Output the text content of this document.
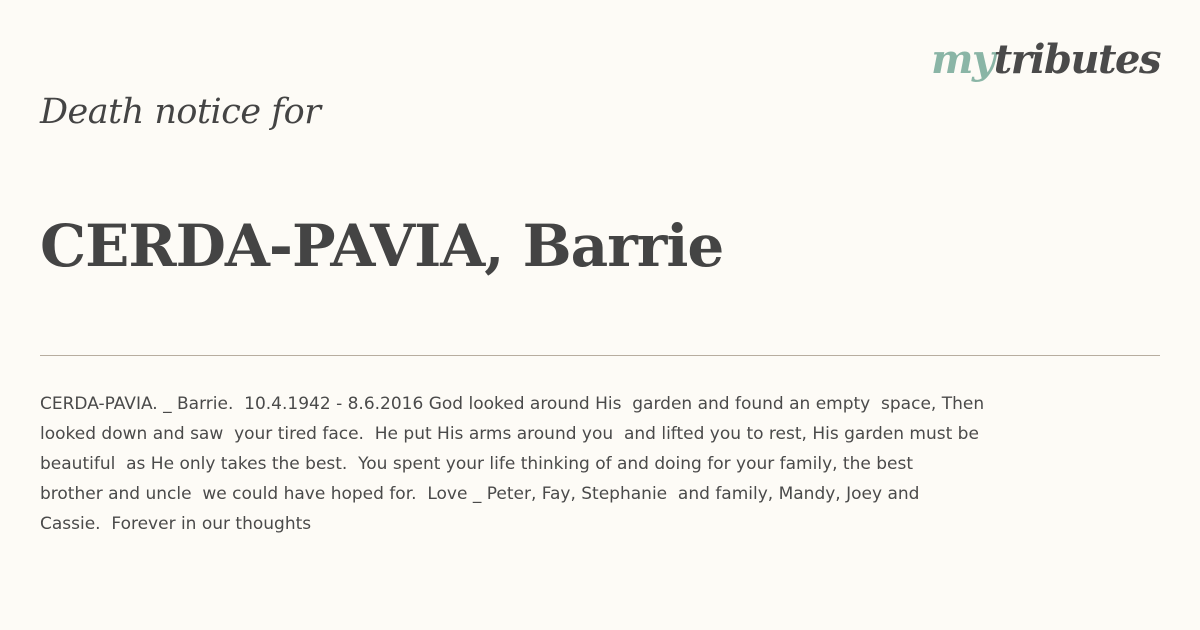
mytributes
Death notice for
CERDA-PAVIA, Barrie

CERDA-PAVIA. _ Barrie.  10.4.1942 - 8.6.2016 God looked around His  garden and found an empty  space, Then
looked down and saw  your tired face.  He put His arms around you  and lifted you to rest, His garden must be
beautiful  as He only takes the best.  You spent your life thinking of and doing for your family, the best
brother and uncle  we could have hoped for.  Love _ Peter, Fay, Stephanie  and family, Mandy, Joey and
Cassie.  Forever in our thoughts
